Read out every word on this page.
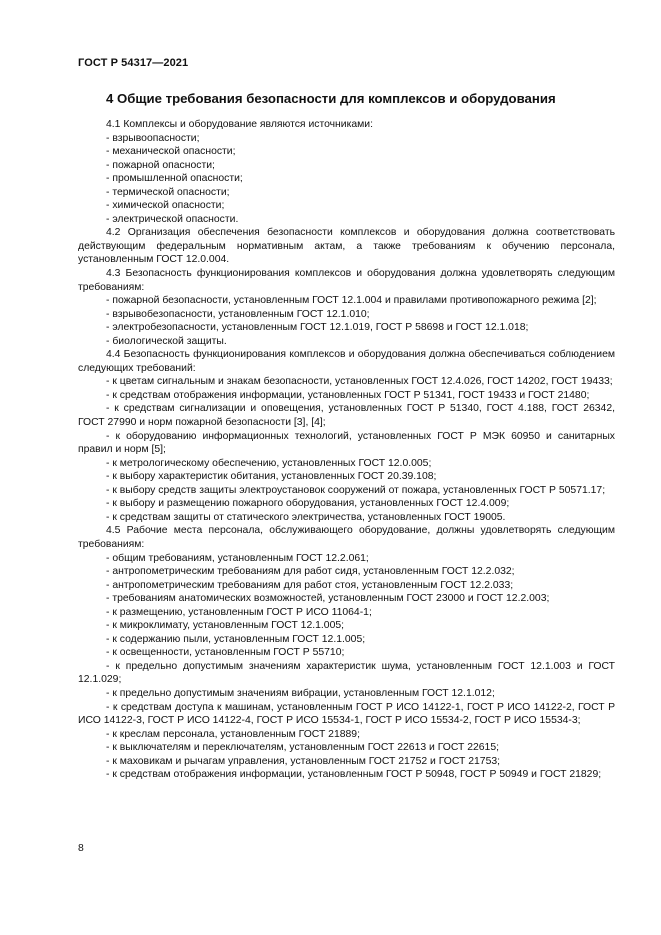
ГОСТ Р 54317—2021
4 Общие требования безопасности для комплексов и оборудования

4.1 Комплексы и оборудование являются источниками:

- взрывоопасности;

- механической опасности;

- пожарной опасности;

- промышленной опасности;

- термической опасности;

- химической опасности;

- электрической опасности.

4.2 Организация обеспечения безопасности комплексов и оборудования должна соответствовать действующим федеральным нормативным актам, а также требованиям к обучению персонала, установленным ГОСТ 12.0.004.

4.3 Безопасность функционирования комплексов и оборудования должна удовлетворять следующим требованиям:

- пожарной безопасности, установленным ГОСТ 12.1.004 и правилами противопожарного режима [2];

- взрывобезопасности, установленным ГОСТ 12.1.010;

- электробезопасности, установленным ГОСТ 12.1.019, ГОСТ Р 58698 и ГОСТ 12.1.018;

- биологической защиты.

4.4 Безопасность функционирования комплексов и оборудования должна обеспечиваться соблюдением следующих требований:

- к цветам сигнальным и знакам безопасности, установленных ГОСТ 12.4.026, ГОСТ 14202, ГОСТ 19433;

- к средствам отображения информации, установленных ГОСТ Р 51341, ГОСТ 19433 и ГОСТ 21480;

- к средствам сигнализации и оповещения, установленных ГОСТ Р 51340, ГОСТ 4.188, ГОСТ 26342, ГОСТ 27990 и норм пожарной безопасности [3], [4];

- к оборудованию информационных технологий, установленных ГОСТ Р МЭК 60950 и санитарных правил и норм [5];

- к метрологическому обеспечению, установленных ГОСТ 12.0.005;

- к выбору характеристик обитания, установленных ГОСТ 20.39.108;

- к выбору средств защиты электроустановок сооружений от пожара, установленных ГОСТ Р 50571.17;

- к выбору и размещению пожарного оборудования, установленных ГОСТ 12.4.009;

- к средствам защиты от статического электричества, установленных ГОСТ 19005.

4.5 Рабочие места персонала, обслуживающего оборудование, должны удовлетворять следующим требованиям:

- общим требованиям, установленным ГОСТ 12.2.061;

- антропометрическим требованиям для работ сидя, установленным ГОСТ 12.2.032;

- антропометрическим требованиям для работ стоя, установленным ГОСТ 12.2.033;

- требованиям анатомических возможностей, установленным ГОСТ 23000 и ГОСТ 12.2.003;

- к размещению, установленным ГОСТ Р ИСО 11064-1;

- к микроклимату, установленным ГОСТ 12.1.005;

- к содержанию пыли, установленным ГОСТ 12.1.005;

- к освещенности, установленным ГОСТ Р 55710;

- к предельно допустимым значениям характеристик шума, установленным ГОСТ 12.1.003 и ГОСТ 12.1.029;

- к предельно допустимым значениям вибрации, установленным ГОСТ 12.1.012;

- к средствам доступа к машинам, установленным ГОСТ Р ИСО 14122-1, ГОСТ Р ИСО 14122-2, ГОСТ Р ИСО 14122-3, ГОСТ Р ИСО 14122-4, ГОСТ Р ИСО 15534-1, ГОСТ Р ИСО 15534-2, ГОСТ Р ИСО 15534-3;

- к креслам персонала, установленным ГОСТ 21889;

- к выключателям и переключателям, установленным ГОСТ 22613 и ГОСТ 22615;

- к маховикам и рычагам управления, установленным ГОСТ 21752 и ГОСТ 21753;

- к средствам отображения информации, установленным ГОСТ Р 50948, ГОСТ Р 50949 и ГОСТ 21829;

8
